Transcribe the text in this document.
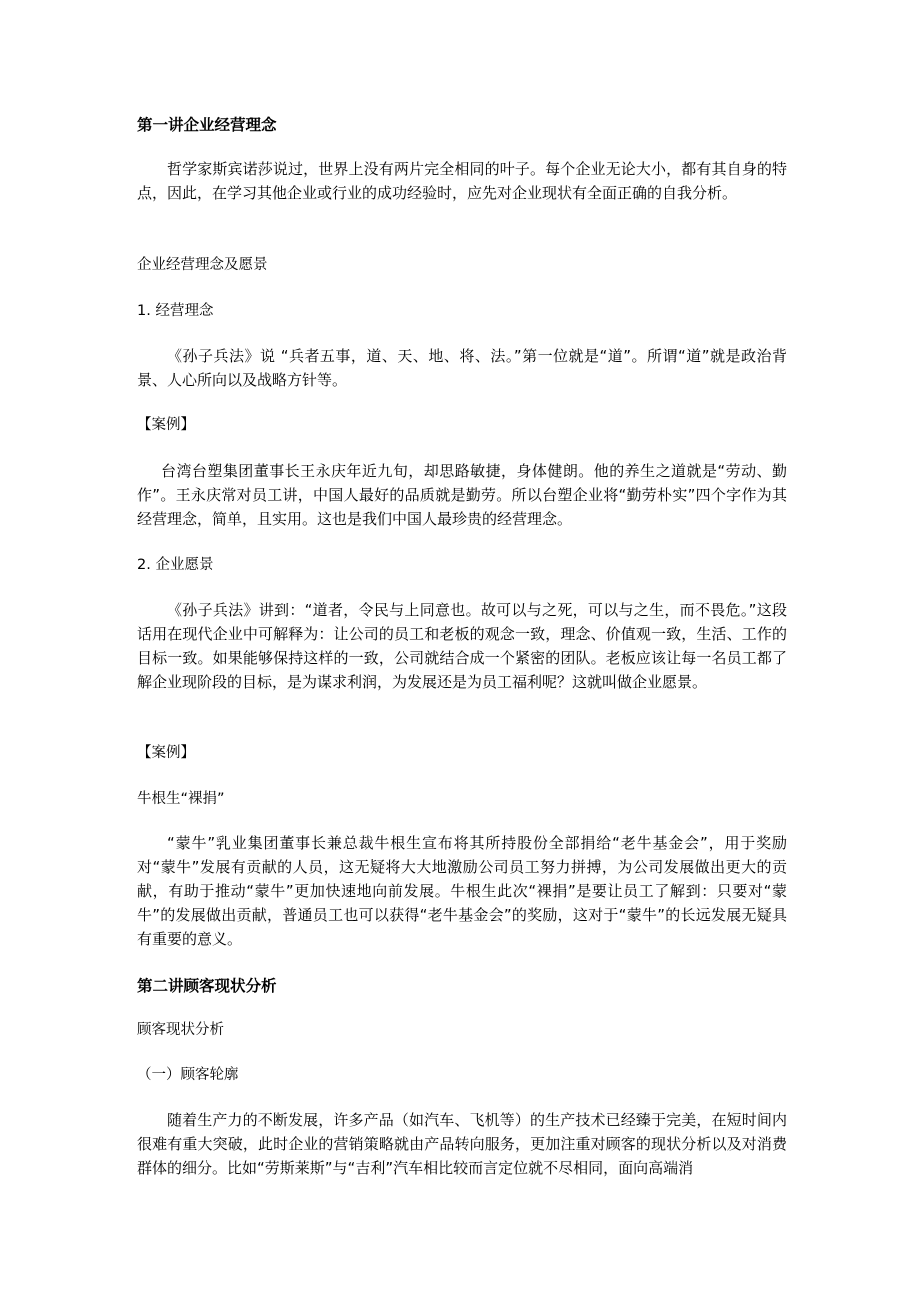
第一讲企业经营理念

哲学家斯宾诺莎说过，世界上没有两片完全相同的叶子。每个企业无论大小，都有其自身的特点，因此，在学习其他企业或行业的成功经验时，应先对企业现状有全面正确的自我分析。

企业经营理念及愿景

1. 经营理念

《孙子兵法》说 “兵者五事，道、天、地、将、法。”第一位就是“道”。所谓“道”就是政治背景、人心所向以及战略方针等。

【案例】

台湾台塑集团董事长王永庆年近九旬，却思路敏捷，身体健朗。他的养生之道就是“劳动、勤作”。王永庆常对员工讲，中国人最好的品质就是勤劳。所以台塑企业将“勤劳朴实”四个字作为其经营理念，简单，且实用。这也是我们中国人最珍贵的经营理念。

2. 企业愿景

《孙子兵法》讲到：“道者，令民与上同意也。故可以与之死，可以与之生，而不畏危。”这段话用在现代企业中可解释为：让公司的员工和老板的观念一致，理念、价值观一致，生活、工作的目标一致。如果能够保持这样的一致，公司就结合成一个紧密的团队。老板应该让每一名员工都了解企业现阶段的目标，是为谋求利润，为发展还是为员工福利呢？这就叫做企业愿景。

【案例】

牛根生“裸捐”

“蒙牛”乳业集团董事长兼总裁牛根生宣布将其所持股份全部捐给“老牛基金会”，用于奖励对“蒙牛”发展有贡献的人员，这无疑将大大地激励公司员工努力拼搏，为公司发展做出更大的贡献，有助于推动“蒙牛”更加快速地向前发展。牛根生此次“裸捐”是要让员工了解到：只要对“蒙牛”的发展做出贡献，普通员工也可以获得“老牛基金会”的奖励，这对于“蒙牛”的长远发展无疑具有重要的意义。

第二讲顾客现状分析

顾客现状分析

（一）顾客轮廓

随着生产力的不断发展，许多产品（如汽车、飞机等）的生产技术已经臻于完美，在短时间内很难有重大突破，此时企业的营销策略就由产品转向服务，更加注重对顾客的现状分析以及对消费群体的细分。比如“劳斯莱斯”与“吉利”汽车相比较而言定位就不尽相同，面向高端消
